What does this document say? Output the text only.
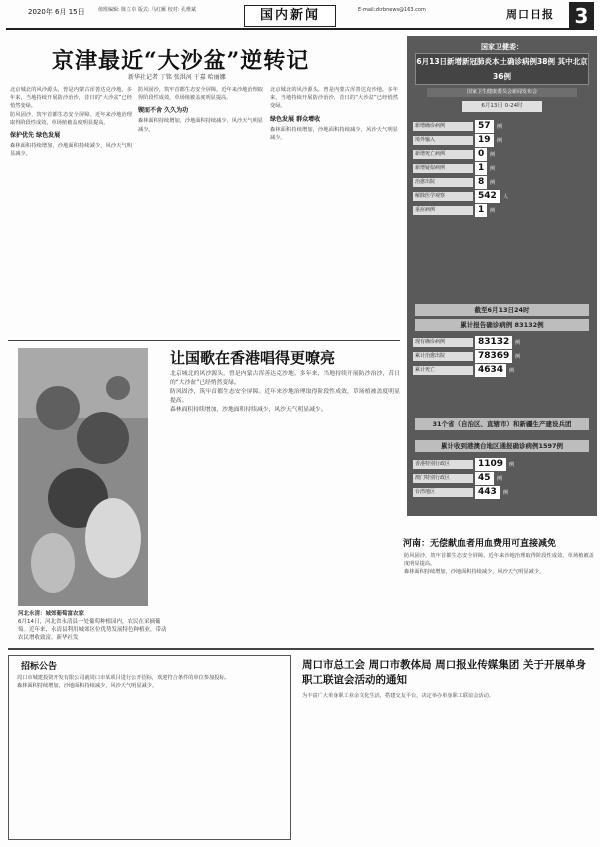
2020年 6月 15日	值班编辑: 陈立卓 版式: 马红雁 校对: 孔维斌	国内新闻	E-mail:zkrbnews@163.com	周口日报 3
京津最近“大沙盆”逆转记
新华社记者 丁铭 张洪河 于嘉 哈丽娜

北京城北的风沙源头，曾是内蒙古浑善达克沙地。多年来，当地持续开展防沙治沙，昔日的“大沙盆”已经悄然变绿。

防风固沙，筑牢首都生态安全屏障。近年来沙地治理取得阶段性成效，草场植被盖度明显提高。

保护优先 绿色发展

森林面积持续增加，沙地面积持续减少，风沙天气明显减少。

防风固沙，筑牢首都生态安全屏障。近年来沙地治理取得阶段性成效，草场植被盖度明显提高。

锲而不舍 久久为功

森林面积持续增加，沙地面积持续减少，风沙天气明显减少。

北京城北的风沙源头，曾是内蒙古浑善达克沙地。多年来，当地持续开展防沙治沙，昔日的“大沙盆”已经悄然变绿。

绿色发展 群众增收

森林面积持续增加，沙地面积持续减少，风沙天气明显减少。

国家卫健委：
6月13日新增新冠肺炎本土确诊病例38例 其中北京36例
国家卫生健康委员会新闻发布会
6月13日 0-24时
新增确诊病例	57	例
境外输入	19	例
新增死亡病例	0	例
新增疑似病例	1	例
治愈出院	8	例
解除医学观察	542	人
重症病例	1	例
截至6月13日24时
累计报告确诊病例 83132例
现有确诊病例	83132	例
累计治愈出院	78369	例
累计死亡	4634	例
31个省（自治区、直辖市）和新疆生产建设兵团
累计收到港澳台地区通报确诊病例1597例
香港特别行政区	1109	例
澳门特别行政区	45	例
台湾地区	443	例
让国歌在香港唱得更嘹亮
河北永清：城郊葡萄富农家
6月14日，河北省永清县一处葡萄种植园内，农民在采摘葡萄。近年来，永清县利用城郊区位优势发展特色种植业，带动农民增收致富。新华社发

北京城北的风沙源头，曾是内蒙古浑善达克沙地。多年来，当地持续开展防沙治沙，昔日的“大沙盆”已经悄然变绿。

防风固沙，筑牢首都生态安全屏障。近年来沙地治理取得阶段性成效，草场植被盖度明显提高。

森林面积持续增加，沙地面积持续减少，风沙天气明显减少。

河南：无偿献血者用血费用可直接减免

防风固沙，筑牢首都生态安全屏障。近年来沙地治理取得阶段性成效，草场植被盖度明显提高。

森林面积持续增加，沙地面积持续减少，风沙天气明显减少。

招标公告

周口市城建投资开发有限公司就周口市某项目进行公开招标，欢迎符合条件的单位参加投标。

森林面积持续增加，沙地面积持续减少，风沙天气明显减少。

周口市总工会 周口市教体局 周口报业传媒集团 关于开展单身职工联谊会活动的通知

为丰富广大单身职工业余文化生活，搭建交友平台，决定举办单身职工联谊会活动。
